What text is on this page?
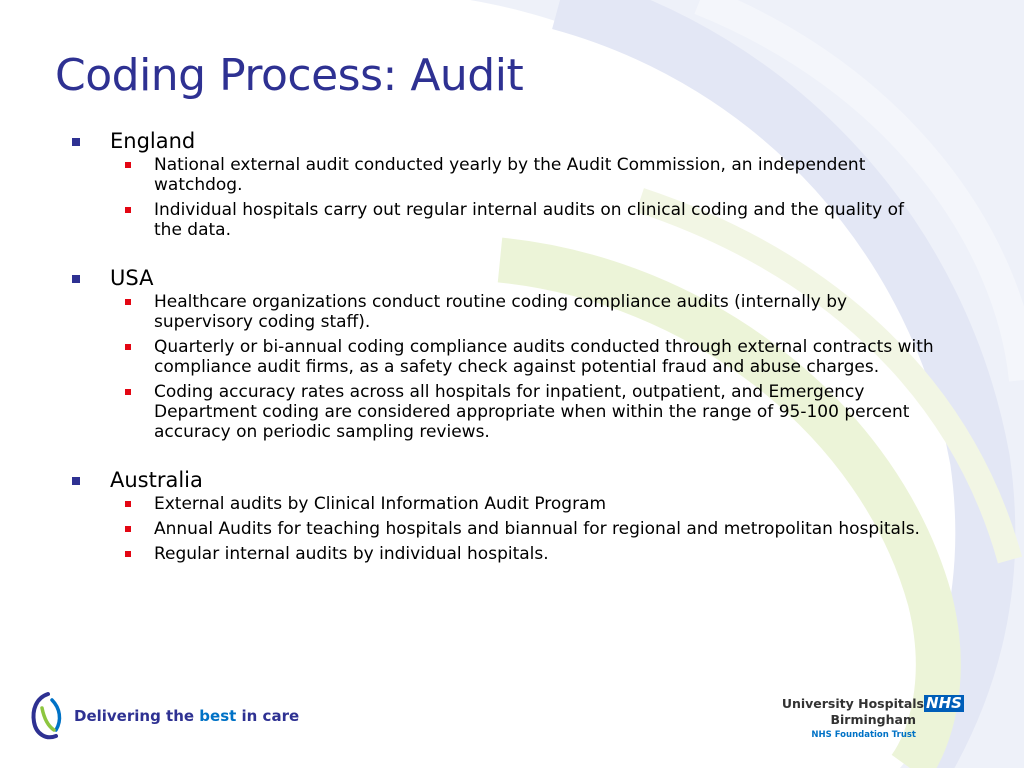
Coding Process: Audit
England
National external audit conducted yearly by the Audit Commission, an independent watchdog.
Individual hospitals carry out regular internal audits on clinical coding and the quality of the data.
USA
Healthcare organizations conduct routine coding compliance audits (internally by supervisory coding staff).
Quarterly or bi-annual coding compliance audits conducted through external contracts with compliance audit firms, as a safety check against potential fraud and abuse charges.
Coding accuracy rates across all hospitals for inpatient, outpatient, and Emergency Department coding are considered appropriate when within the range of 95-100 percent accuracy on periodic sampling reviews.
Australia
External audits by Clinical Information Audit Program
Annual Audits for teaching hospitals and biannual for regional and metropolitan hospitals.
Regular internal audits by individual hospitals.
Delivering the best in care
University Hospitals NHS
Birmingham
NHS Foundation Trust
